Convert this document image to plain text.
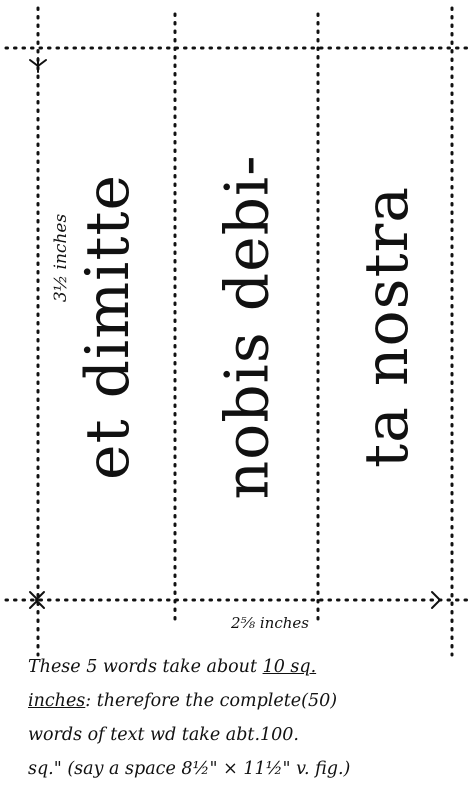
et dimitte nobis debi- ta nostra
3½ inches
2⅝ inches
These 5 words take about 10 sq.
inches: therefore the complete(50)
words of text wd take abt.100.
sq." (say a space 8½" × 11½" v. fig.)
